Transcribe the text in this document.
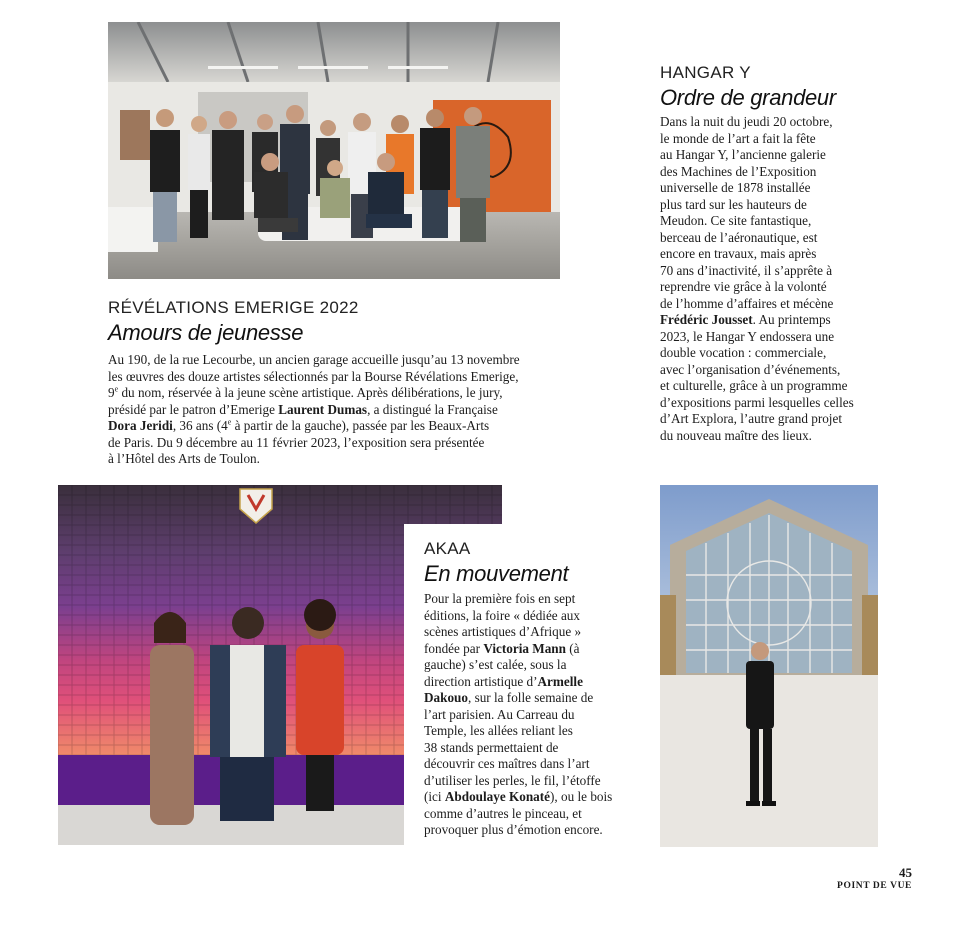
RÉVÉLATIONS EMERIGE 2022
Amours de jeunesse
Au 190, de la rue Lecourbe, un ancien garage accueille jusqu’au 13 novembre
les œuvres des douze artistes sélectionnés par la Bourse Révélations Emerige,
9e du nom, réservée à la jeune scène artistique. Après délibérations, le jury,
présidé par le patron d’Emerige Laurent Dumas, a distingué la Française
Dora Jeridi, 36 ans (4e à partir de la gauche), passée par les Beaux-Arts
de Paris. Du 9 décembre au 11 février 2023, l’exposition sera présentée
à l’Hôtel des Arts de Toulon.
HANGAR Y
Ordre de grandeur
Dans la nuit du jeudi 20 octobre,
le monde de l’art a fait la fête
au Hangar Y, l’ancienne galerie
des Machines de l’Exposition
universelle de 1878 installée
plus tard sur les hauteurs de
Meudon. Ce site fantastique,
berceau de l’aéronautique, est
encore en travaux, mais après
70 ans d’inactivité, il s’apprête à
reprendre vie grâce à la volonté
de l’homme d’affaires et mécène
Frédéric Jousset. Au printemps
2023, le Hangar Y endossera une
double vocation : commerciale,
avec l’organisation d’événements,
et culturelle, grâce à un programme
d’expositions parmi lesquelles celles
d’Art Explora, l’autre grand projet
du nouveau maître des lieux.
AKAA
En mouvement
Pour la première fois en sept
éditions, la foire « dédiée aux
scènes artistiques d’Afrique »
fondée par Victoria Mann (à
gauche) s’est calée, sous la
direction artistique d’Armelle
Dakouo, sur la folle semaine de
l’art parisien. Au Carreau du
Temple, les allées reliant les
38 stands permettaient de
découvrir ces maîtres dans l’art
d’utiliser les perles, le fil, l’étoffe
(ici Abdoulaye Konaté), ou le bois
comme d’autres le pinceau, et
provoquer plus d’émotion encore.
45
POINT DE VUE
